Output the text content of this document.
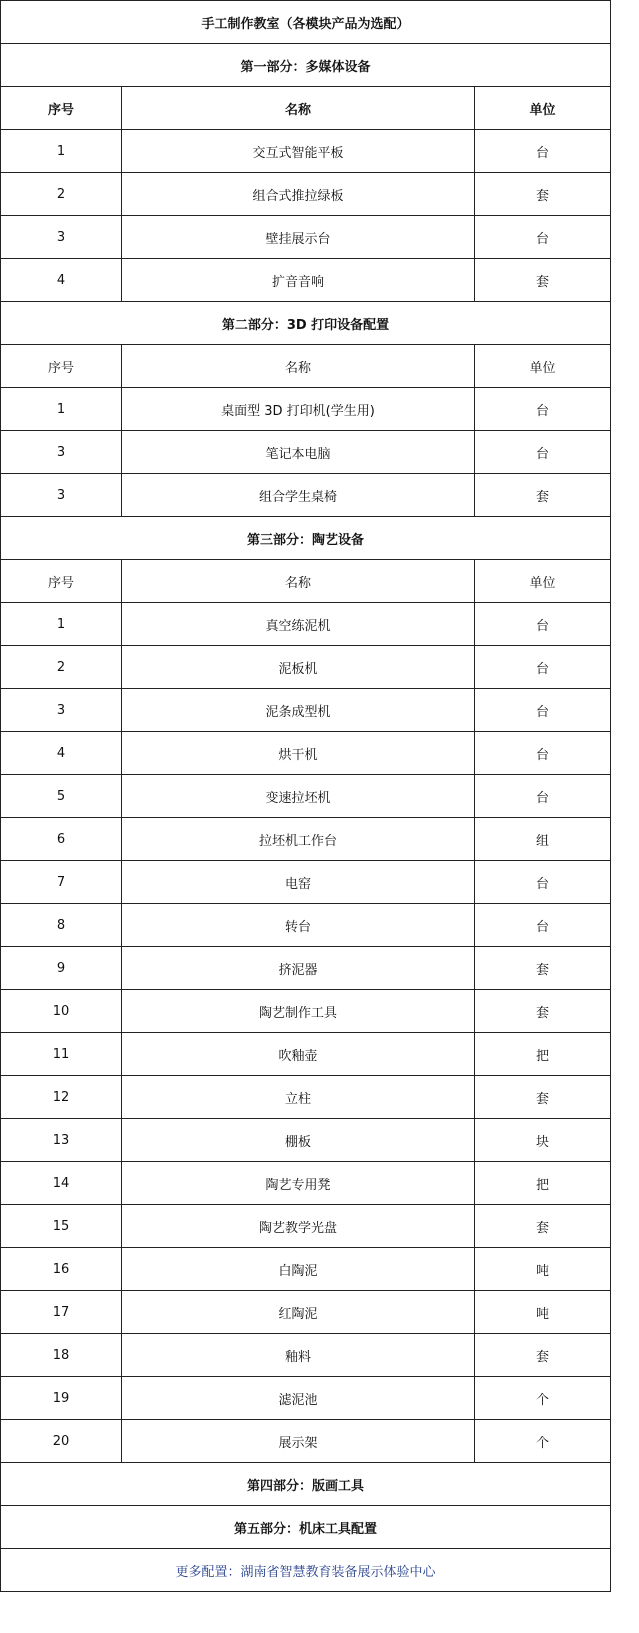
手工制作教室（各模块产品为选配）		
第一部分：多媒体设备		
序号	名称	单位
1	交互式智能平板	台
2	组合式推拉绿板	套
3	壁挂展示台	台
4	扩音音响	套
第二部分：3D 打印设备配置		
序号	名称	单位
1	桌面型 3D 打印机(学生用)	台
3	笔记本电脑	台
3	组合学生桌椅	套
第三部分：陶艺设备		
序号	名称	单位
1	真空练泥机	台
2	泥板机	台
3	泥条成型机	台
4	烘干机	台
5	变速拉坯机	台
6	拉坯机工作台	组
7	电窑	台
8	转台	台
9	挤泥器	套
10	陶艺制作工具	套
11	吹釉壶	把
12	立柱	套
13	棚板	块
14	陶艺专用凳	把
15	陶艺教学光盘	套
16	白陶泥	吨
17	红陶泥	吨
18	釉料	套
19	滤泥池	个
20	展示架	个
第四部分：版画工具		
第五部分：机床工具配置		
更多配置：湖南省智慧教育装备展示体验中心		
